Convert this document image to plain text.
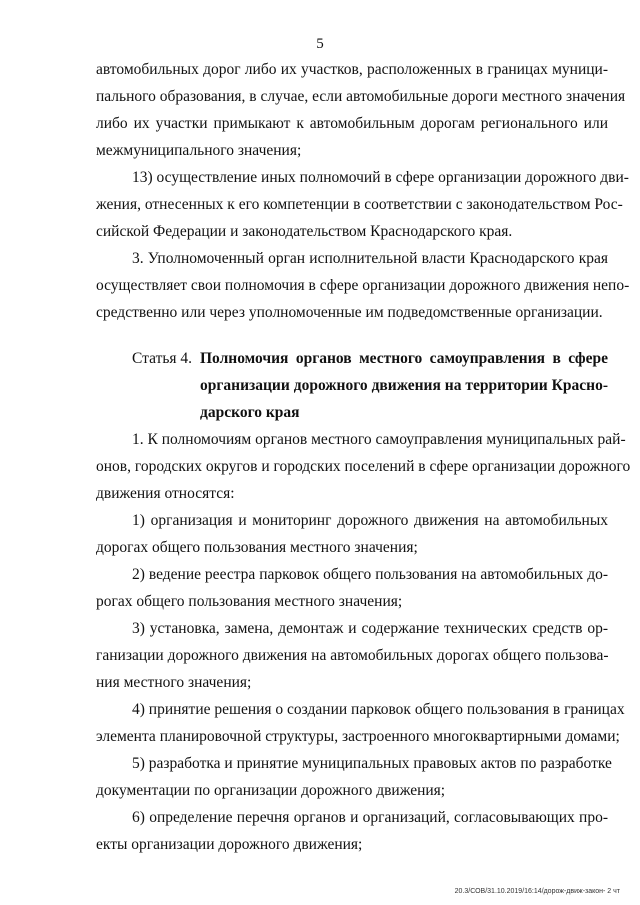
5

автомобильных дорог либо их участков, расположенных в границах муници-
пального образования, в случае, если автомобильные дороги местного значения
либо их участки примыкают к автомобильным дорогам регионального или
межмуниципального значения;

13) осуществление иных полномочий в сфере организации дорожного дви-
жения, отнесенных к его компетенции в соответствии с законодательством Рос-
сийской Федерации и законодательством Краснодарского края.

3. Уполномоченный орган исполнительной власти Краснодарского края
осуществляет свои полномочия в сфере организации дорожного движения непо-
средственно или через уполномоченные им подведомственные организации.

Статья 4. Полномочия органов местного самоуправления в сфере
организации дорожного движения на территории Красно-
дарского края

1. К полномочиям органов местного самоуправления муниципальных рай-
онов, городских округов и городских поселений в сфере организации дорожного
движения относятся:

1) организация и мониторинг дорожного движения на автомобильных
дорогах общего пользования местного значения;

2) ведение реестра парковок общего пользования на автомобильных до-
рогах общего пользования местного значения;

3) установка, замена, демонтаж и содержание технических средств ор-
ганизации дорожного движения на автомобильных дорогах общего пользова-
ния местного значения;

4) принятие решения о создании парковок общего пользования в границах
элемента планировочной структуры, застроенного многоквартирными домами;

5) разработка и принятие муниципальных правовых актов по разработке
документации по организации дорожного движения;

6) определение перечня органов и организаций, согласовывающих про-
екты организации дорожного движения;

20.3/СОВ/31.10.2019/16:14/дорож-движ-закон- 2 чт
